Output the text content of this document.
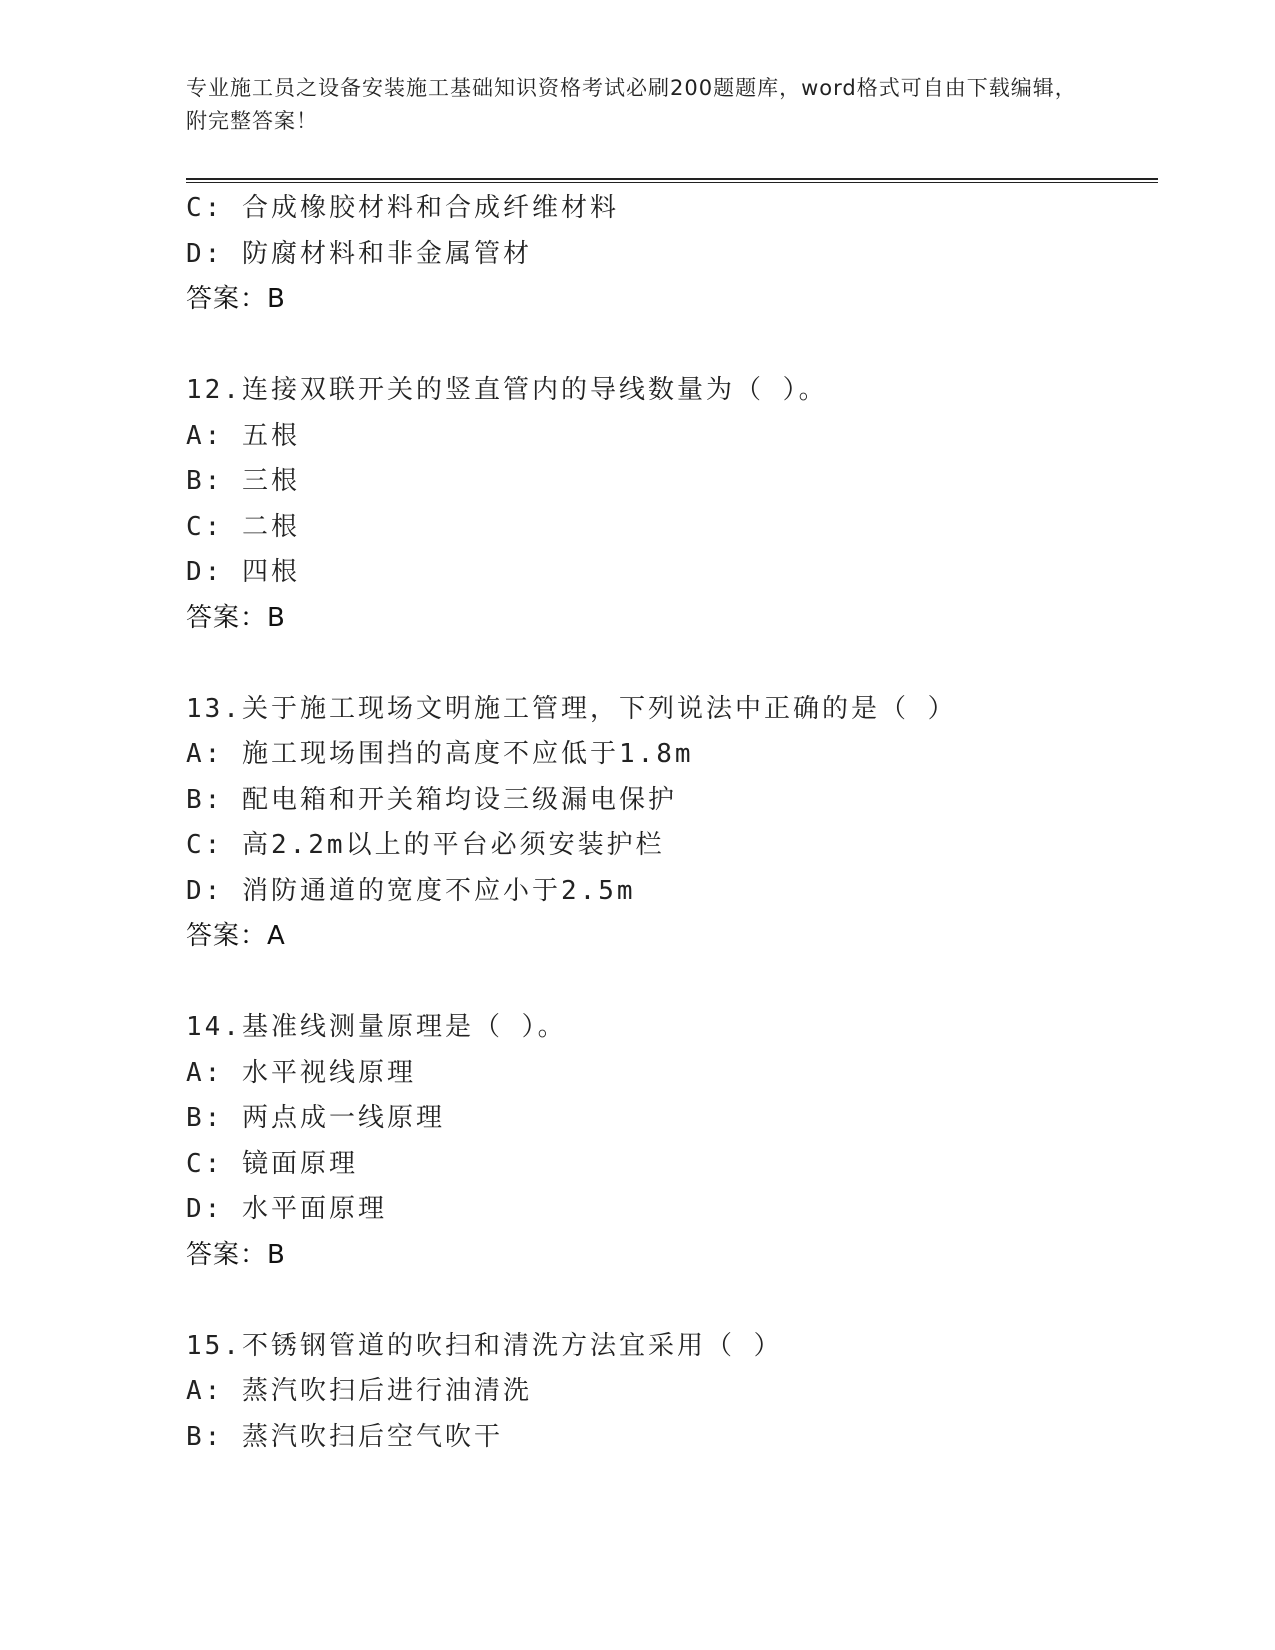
专业施工员之设备安装施工基础知识资格考试必刷200题题库，word格式可自由下载编辑，附完整答案！
C: 合成橡胶材料和合成纤维材料
D: 防腐材料和非金属管材
答案：B
12.连接双联开关的竖直管内的导线数量为（ ）。
A: 五根
B: 三根
C: 二根
D: 四根
答案：B
13.关于施工现场文明施工管理，下列说法中正确的是（ ）
A: 施工现场围挡的高度不应低于1.8m
B: 配电箱和开关箱均设三级漏电保护
C: 高2.2m以上的平台必须安装护栏
D: 消防通道的宽度不应小于2.5m
答案：A
14.基准线测量原理是（ ）。
A: 水平视线原理
B: 两点成一线原理
C: 镜面原理
D: 水平面原理
答案：B
15.不锈钢管道的吹扫和清洗方法宜采用（ ）
A: 蒸汽吹扫后进行油清洗
B: 蒸汽吹扫后空气吹干
